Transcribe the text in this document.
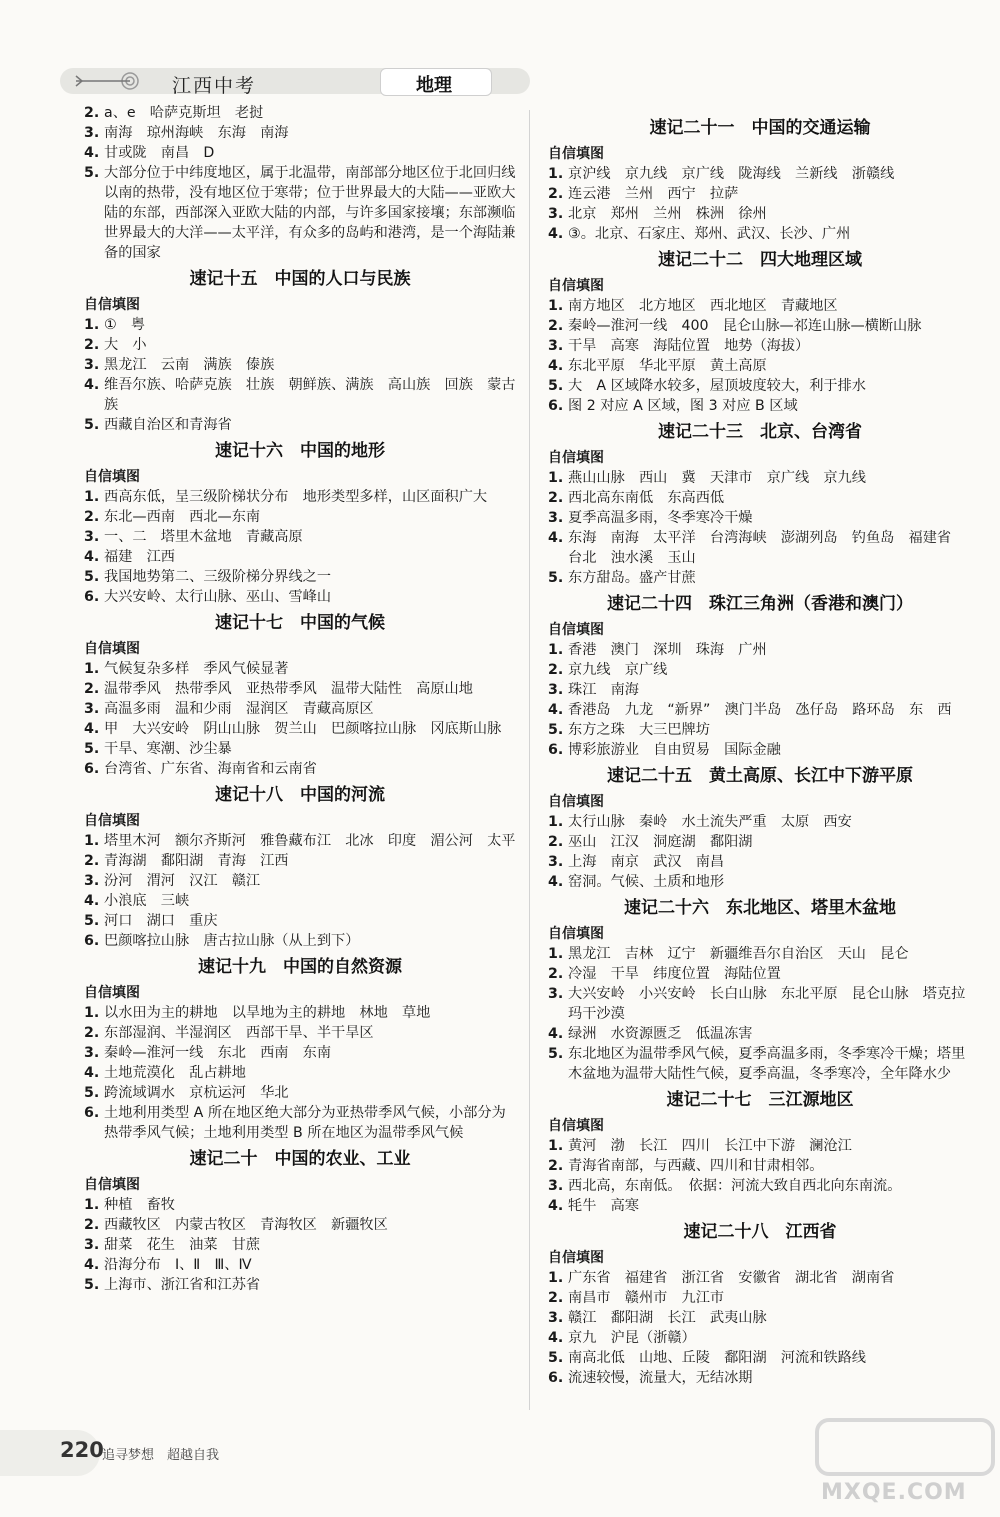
江西中考	地理
2. a、e　哈萨克斯坦　老挝
3. 南海　琼州海峡　东海　南海
4. 甘或陇　南昌　D
5. 大部分位于中纬度地区，属于北温带，南部部分地区位于北回归线以南的热带，没有地区位于寒带；位于世界最大的大陆——亚欧大陆的东部，西部深入亚欧大陆的内部，与许多国家接壤；东部濒临世界最大的大洋——太平洋，有众多的岛屿和港湾，是一个海陆兼备的国家
速记十五　中国的人口与民族
自信填图
1. ①　粤
2. 大　小
3. 黑龙江　云南　满族　傣族
4. 维吾尔族、哈萨克族　壮族　朝鲜族、满族　高山族　回族　蒙古族
5. 西藏自治区和青海省
速记十六　中国的地形
自信填图
1. 西高东低，呈三级阶梯状分布　地形类型多样，山区面积广大
2. 东北—西南　西北—东南
3. 一、二　塔里木盆地　青藏高原
4. 福建　江西
5. 我国地势第二、三级阶梯分界线之一
6. 大兴安岭、太行山脉、巫山、雪峰山
速记十七　中国的气候
自信填图
1. 气候复杂多样　季风气候显著
2. 温带季风　热带季风　亚热带季风　温带大陆性　高原山地
3. 高温多雨　温和少雨　湿润区　青藏高原区
4. 甲　大兴安岭　阴山山脉　贺兰山　巴颜喀拉山脉　冈底斯山脉
5. 干旱、寒潮、沙尘暴
6. 台湾省、广东省、海南省和云南省
速记十八　中国的河流
自信填图
1. 塔里木河　额尔齐斯河　雅鲁藏布江　北冰　印度　湄公河　太平
2. 青海湖　鄱阳湖　青海　江西
3. 汾河　渭河　汉江　赣江
4. 小浪底　三峡
5. 河口　湖口　重庆
6. 巴颜喀拉山脉　唐古拉山脉（从上到下）
速记十九　中国的自然资源
自信填图
1. 以水田为主的耕地　以旱地为主的耕地　林地　草地
2. 东部湿润、半湿润区　西部干旱、半干旱区
3. 秦岭—淮河一线　东北　西南　东南
4. 土地荒漠化　乱占耕地
5. 跨流域调水　京杭运河　华北
6. 土地利用类型 A 所在地区绝大部分为亚热带季风气候，小部分为热带季风气候；土地利用类型 B 所在地区为温带季风气候
速记二十　中国的农业、工业
自信填图
1. 种植　畜牧
2. 西藏牧区　内蒙古牧区　青海牧区　新疆牧区
3. 甜菜　花生　油菜　甘蔗
4. 沿海分布　Ⅰ、Ⅱ　Ⅲ、Ⅳ
5. 上海市、浙江省和江苏省
速记二十一　中国的交通运输
自信填图
1. 京沪线　京九线　京广线　陇海线　兰新线　浙赣线
2. 连云港　兰州　西宁　拉萨
3. 北京　郑州　兰州　株洲　徐州
4. ③。北京、石家庄、郑州、武汉、长沙、广州
速记二十二　四大地理区域
自信填图
1. 南方地区　北方地区　西北地区　青藏地区
2. 秦岭—淮河一线　400　昆仑山脉—祁连山脉—横断山脉
3. 干旱　高寒　海陆位置　地势（海拔）
4. 东北平原　华北平原　黄土高原
5. 大　A 区域降水较多，屋顶坡度较大，利于排水
6. 图 2 对应 A 区域，图 3 对应 B 区域
速记二十三　北京、台湾省
自信填图
1. 燕山山脉　西山　冀　天津市　京广线　京九线
2. 西北高东南低　东高西低
3. 夏季高温多雨，冬季寒冷干燥
4. 东海　南海　太平洋　台湾海峡　澎湖列岛　钓鱼岛　福建省　台北　浊水溪　玉山
5. 东方甜岛。盛产甘蔗
速记二十四　珠江三角洲（香港和澳门）
自信填图
1. 香港　澳门　深圳　珠海　广州
2. 京九线　京广线
3. 珠江　南海
4. 香港岛　九龙　“新界”　澳门半岛　氹仔岛　路环岛　东　西
5. 东方之珠　大三巴牌坊
6. 博彩旅游业　自由贸易　国际金融
速记二十五　黄土高原、长江中下游平原
自信填图
1. 太行山脉　秦岭　水土流失严重　太原　西安
2. 巫山　江汉　洞庭湖　鄱阳湖
3. 上海　南京　武汉　南昌
4. 窑洞。气候、土质和地形
速记二十六　东北地区、塔里木盆地
自信填图
1. 黑龙江　吉林　辽宁　新疆维吾尔自治区　天山　昆仑
2. 冷湿　干旱　纬度位置　海陆位置
3. 大兴安岭　小兴安岭　长白山脉　东北平原　昆仑山脉　塔克拉玛干沙漠
4. 绿洲　水资源匮乏　低温冻害
5. 东北地区为温带季风气候，夏季高温多雨，冬季寒冷干燥；塔里木盆地为温带大陆性气候，夏季高温，冬季寒冷，全年降水少
速记二十七　三江源地区
自信填图
1. 黄河　渤　长江　四川　长江中下游　澜沧江
2. 青海省南部，与西藏、四川和甘肃相邻。
3. 西北高，东南低。　依据：河流大致自西北向东南流。
4. 牦牛　高寒
速记二十八　江西省
自信填图
1. 广东省　福建省　浙江省　安徽省　湖北省　湖南省
2. 南昌市　赣州市　九江市
3. 赣江　鄱阳湖　长江　武夷山脉
4. 京九　沪昆（浙赣）
5. 南高北低　山地、丘陵　鄱阳湖　河流和铁路线
6. 流速较慢，流量大，无结冰期
220
追寻梦想　超越自我
MXQE.COM
